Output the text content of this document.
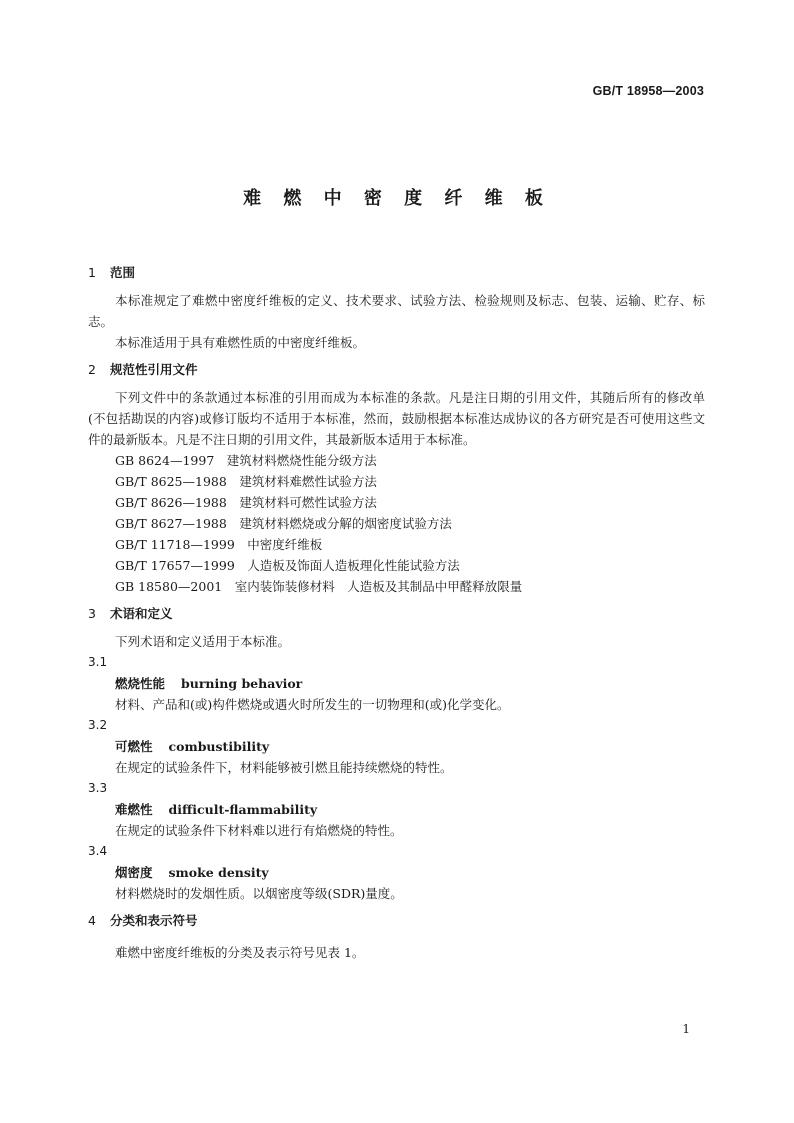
GB/T 18958—2003
难 燃 中 密 度 纤 维 板
1 范围

本标准规定了难燃中密度纤维板的定义、技术要求、试验方法、检验规则及标志、包装、运输、贮存、标志。

本标准适用于具有难燃性质的中密度纤维板。

2 规范性引用文件

下列文件中的条款通过本标准的引用而成为本标准的条款。凡是注日期的引用文件，其随后所有的修改单(不包括勘误的内容)或修订版均不适用于本标准，然而，鼓励根据本标准达成协议的各方研究是否可使用这些文件的最新版本。凡是不注日期的引用文件，其最新版本适用于本标准。

GB 8624—1997　建筑材料燃烧性能分级方法
GB/T 8625—1988　建筑材料难燃性试验方法
GB/T 8626—1988　建筑材料可燃性试验方法
GB/T 8627—1988　建筑材料燃烧或分解的烟密度试验方法
GB/T 11718—1999　中密度纤维板
GB/T 17657—1999　人造板及饰面人造板理化性能试验方法
GB 18580—2001　室内装饰装修材料　人造板及其制品中甲醛释放限量
3 术语和定义

下列术语和定义适用于本标准。

3.1
燃烧性能 burning behavior
材料、产品和(或)构件燃烧或遇火时所发生的一切物理和(或)化学变化。
3.2
可燃性 combustibility
在规定的试验条件下，材料能够被引燃且能持续燃烧的特性。
3.3
难燃性 difficult-flammability
在规定的试验条件下材料难以进行有焰燃烧的特性。
3.4
烟密度 smoke density
材料燃烧时的发烟性质。以烟密度等级(SDR)量度。
4 分类和表示符号

难燃中密度纤维板的分类及表示符号见表 1。

1
